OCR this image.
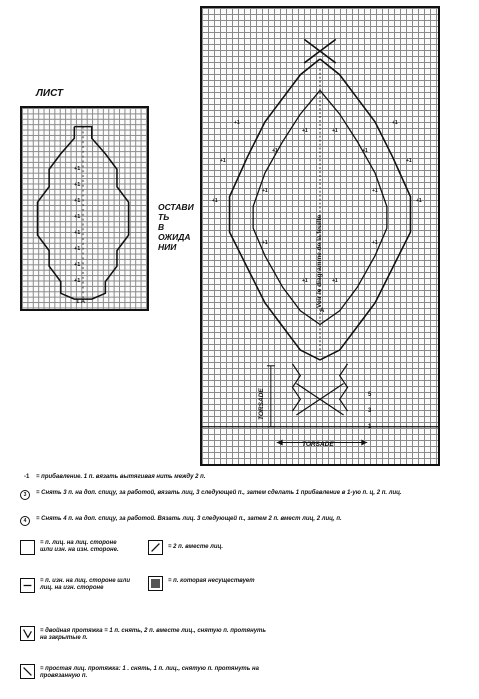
ЛИСТ
+1
+1
+1
+1
+1
+1
+1
+1
1 A
ОСТАВИ
ТЬ
В
ОЖИДА
НИИ	Voir le diagramme de la feuille
TORSADE
TORSADE
A
+1	+1
+1	+1
+1	+1
+1	+1
+1	+1
+1	+1
+1	+1
+1	+1
5
3
1
-1 = прибавление. 1 п. вязать вытягивая нить между 2 п.
3	= Снять 3 п. на доп. спицу, за работой, вязать лиц, 3 следующей п., затем сделать 1 прибавление в 1-ую п. ц, 2 п. лиц.
4	= Снять 4 п. на доп. спицу, за работой. Вязать лиц. 3 следующей п., затем 2 п. вмест лиц, 2 лиц, п.
= п. лиц. на лиц. стороне шли изн. на изн. стороне.	= 2 п. вместе лиц.
= п. изн. на лиц. стороне шли лиц. на изн. стороне
= п. которая несуществует
= двойная протяжка = 1 п. снять, 2 п. вместе лиц., снятую п. протянуть на закрытые п.
= простая лиц. протяжка: 1 . снять, 1 п. лиц., снятую п. протянуть на провязанную п.
